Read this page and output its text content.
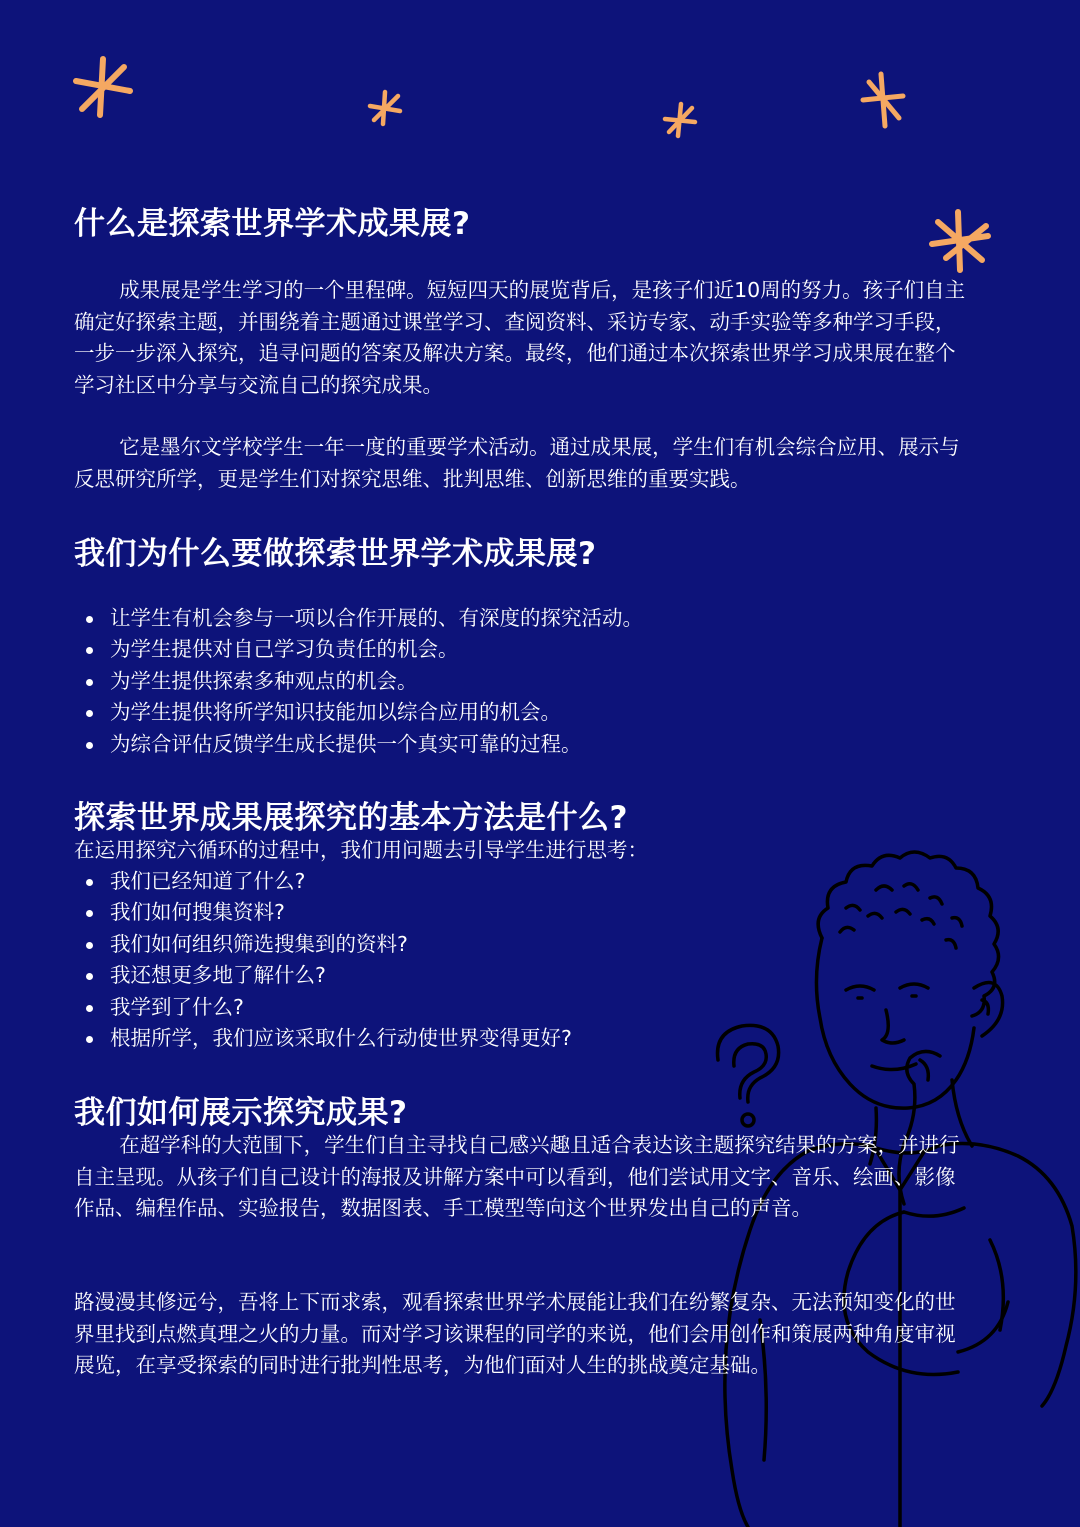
什么是探索世界学术成果展?

成果展是学生学习的一个里程碑。短短四天的展览背后，是孩子们近10周的努力。孩子们自主确定好探索主题，并围绕着主题通过课堂学习、查阅资料、采访专家、动手实验等多种学习手段，一步一步深入探究，追寻问题的答案及解决方案。最终，他们通过本次探索世界学习成果展在整个学习社区中分享与交流自己的探究成果。

它是墨尔文学校学生一年一度的重要学术活动。通过成果展，学生们有机会综合应用、展示与反思研究所学，更是学生们对探究思维、批判思维、创新思维的重要实践。

我们为什么要做探索世界学术成果展?
让学生有机会参与一项以合作开展的、有深度的探究活动。
为学生提供对自己学习负责任的机会。
为学生提供探索多种观点的机会。
为学生提供将所学知识技能加以综合应用的机会。
为综合评估反馈学生成长提供一个真实可靠的过程。
探索世界成果展探究的基本方法是什么?

在运用探究六循环的过程中，我们用问题去引导学生进行思考：

我们已经知道了什么?
我们如何搜集资料?
我们如何组织筛选搜集到的资料?
我还想更多地了解什么?
我学到了什么?
根据所学，我们应该采取什么行动使世界变得更好?
我们如何展示探究成果?

在超学科的大范围下，学生们自主寻找自己感兴趣且适合表达该主题探究结果的方案，并进行自主呈现。从孩子们自己设计的海报及讲解方案中可以看到，他们尝试用文字、音乐、绘画、影像作品、编程作品、实验报告，数据图表、手工模型等向这个世界发出自己的声音。

路漫漫其修远兮，吾将上下而求索，观看探索世界学术展能让我们在纷繁复杂、无法预知变化的世界里找到点燃真理之火的力量。而对学习该课程的同学的来说，他们会用创作和策展两种角度审视展览，在享受探索的同时进行批判性思考，为他们面对人生的挑战奠定基础。
